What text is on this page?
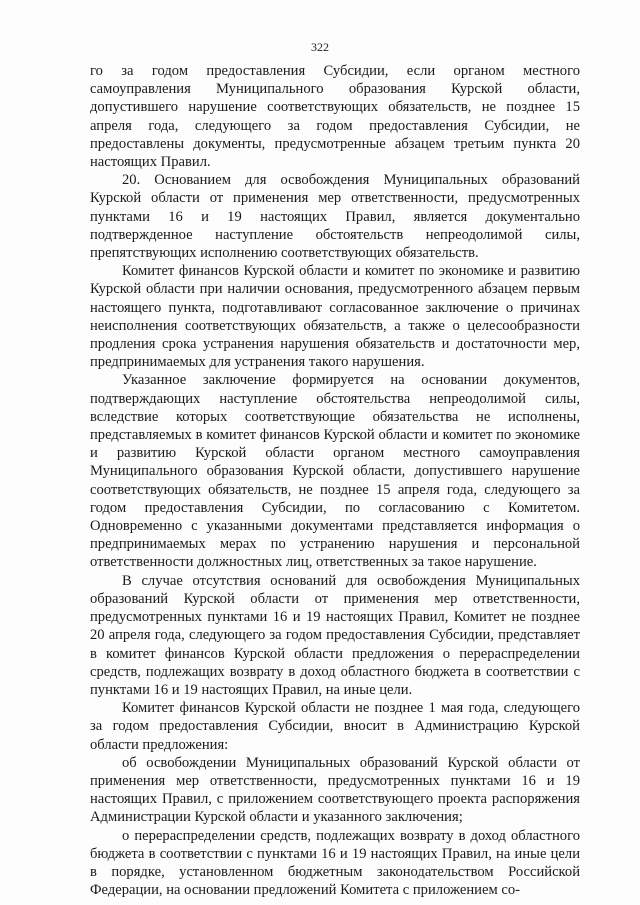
322

го за годом предоставления Субсидии, если органом местного самоуправления Муниципального образования Курской области, допустившего нарушение соответствующих обязательств, не позднее 15 апреля года, следующего за годом предоставления Субсидии, не предоставлены документы, предусмотренные абзацем третьим пункта 20 настоящих Правил.

20. Основанием для освобождения Муниципальных образований Курской области от применения мер ответственности, предусмотренных пунктами 16 и 19 настоящих Правил, является документально подтвержденное наступление обстоятельств непреодолимой силы, препятствующих исполнению соответствующих обязательств.

Комитет финансов Курской области и комитет по экономике и развитию Курской области при наличии основания, предусмотренного абзацем первым настоящего пункта, подготавливают согласованное заключение о причинах неисполнения соответствующих обязательств, а также о целесообразности продления срока устранения нарушения обязательств и достаточности мер, предпринимаемых для устранения такого нарушения.

Указанное заключение формируется на основании документов, подтверждающих наступление обстоятельства непреодолимой силы, вследствие которых соответствующие обязательства не исполнены, представляемых в комитет финансов Курской области и комитет по экономике и развитию Курской области органом местного самоуправления Муниципального образования Курской области, допустившего нарушение соответствующих обязательств, не позднее 15 апреля года, следующего за годом предоставления Субсидии, по согласованию с Комитетом. Одновременно с указанными документами представляется информация о предпринимаемых мерах по устранению нарушения и персональной ответственности должностных лиц, ответственных за такое нарушение.

В случае отсутствия оснований для освобождения Муниципальных образований Курской области от применения мер ответственности, предусмотренных пунктами 16 и 19 настоящих Правил, Комитет не позднее 20 апреля года, следующего за годом предоставления Субсидии, представляет в комитет финансов Курской области предложения о перераспределении средств, подлежащих возврату в доход областного бюджета в соответствии с пунктами 16 и 19 настоящих Правил, на иные цели.

Комитет финансов Курской области не позднее 1 мая года, следующего за годом предоставления Субсидии, вносит в Администрацию Курской области предложения:

об освобождении Муниципальных образований Курской области от применения мер ответственности, предусмотренных пунктами 16 и 19 настоящих Правил, с приложением соответствующего проекта распоряжения Администрации Курской области и указанного заключения;

о перераспределении средств, подлежащих возврату в доход областного бюджета в соответствии с пунктами 16 и 19 настоящих Правил, на иные цели в порядке, установленном бюджетным законодательством Российской Федерации, на основании предложений Комитета с приложением со-
